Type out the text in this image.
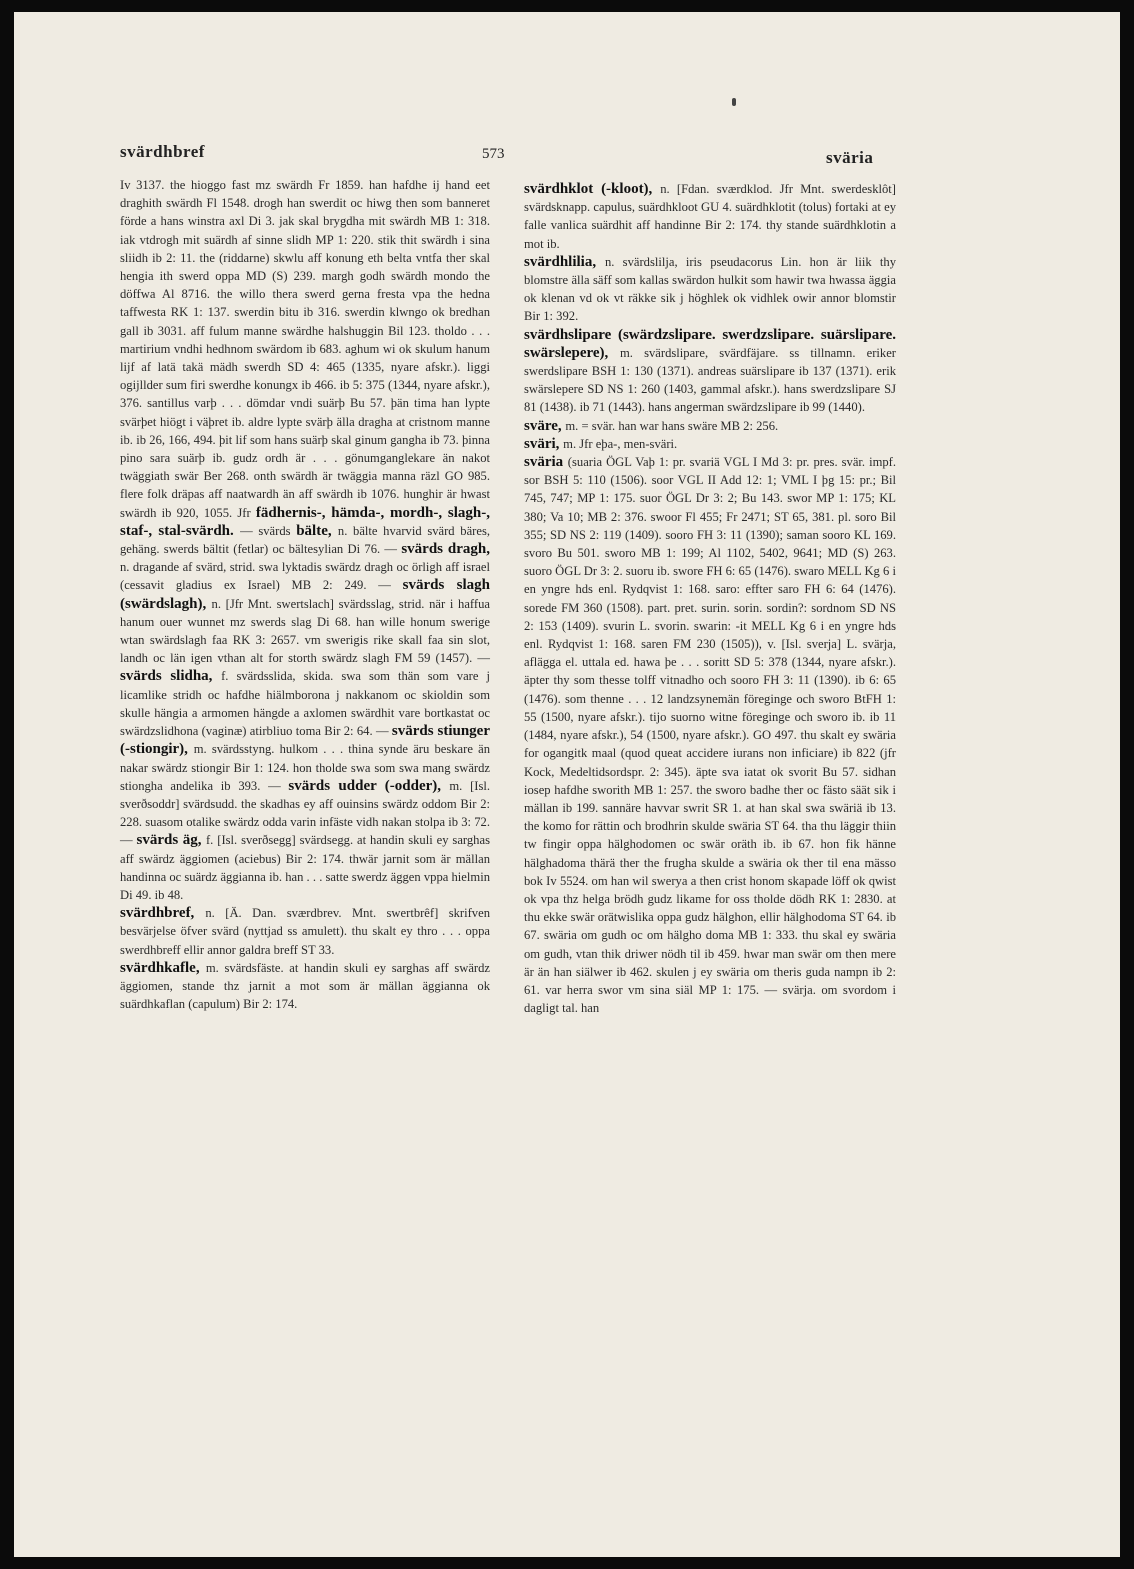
svärdhbref	573	sväria

Iv 3137. the hioggo fast mz swärdh Fr 1859. han hafdhe ij hand eet draghith swärdh Fl 1548. drogh han swerdit oc hiwg then som banneret förde a hans winstra axl Di 3. jak skal brygdha mit swärdh MB 1: 318. iak vtdrogh mit suärdh af sinne slidh MP 1: 220. stik thit swärdh i sina sliidh ib 2: 11. the (riddarne) skwlu aff konung eth belta vntfa ther skal hengia ith swerd oppa MD (S) 239. margh godh swärdh mondo the döffwa Al 8716. the willo thera swerd gerna fresta vpa the hedna taffwesta RK 1: 137. swerdin bitu ib 316. swerdin klwngo ok bredhan gall ib 3031. aff fulum manne swärdhe halshuggin Bil 123. tholdo . . . martirium vndhi hedhnom swärdom ib 683. aghum wi ok skulum hanum lijf af latä takä mädh swerdh SD 4: 465 (1335, nyare afskr.). liggi ogijllder sum firi swerdhe konungx ib 466. ib 5: 375 (1344, nyare afskr.), 376. santillus varþ . . . dömdar vndi suärþ Bu 57. þän tima han lypte svärþet hiögt i väþret ib. aldre lypte svärþ älla dragha at cristnom manne ib. ib 26, 166, 494. þit lif som hans suärþ skal ginum gangha ib 73. þinna pino sara suärþ ib. gudz ordh är . . . gönumganglekare än nakot twäggiath swär Ber 268. onth swärdh är twäggia manna räzl GO 985. flere folk dräpas aff naatwardh än aff swärdh ib 1076. hunghir är hwast swärdh ib 920, 1055. Jfr fädhernis-, hämda-, mordh-, slagh-, staf-, stal-svärdh. — svärds bälte, n. bälte hvarvid svärd bäres, gehäng. swerds bältit (fetlar) oc bältesylian Di 76. — svärds dragh, n. dragande af svärd, strid. swa lyktadis swärdz dragh oc örligh aff israel (cessavit gladius ex Israel) MB 2: 249. — svärds slagh (swärdslagh), n. [Jfr Mnt. swertslach] svärdsslag, strid. när i haffua hanum ouer wunnet mz swerds slag Di 68. han wille honum swerige wtan swärdslagh faa RK 3: 2657. vm swerigis rike skall faa sin slot, landh oc län igen vthan alt for storth swärdz slagh FM 59 (1457). — svärds slidha, f. svärdsslida, skida. swa som thän som vare j licamlike stridh oc hafdhe hiälmborona j nakkanom oc skioldin som skulle hängia a armomen hängde a axlomen swärdhit vare bortkastat oc swärdzslidhona (vaginæ) atirbliuo toma Bir 2: 64. — svärds stiunger (-stiongir), m. svärdsstyng. hulkom . . . thina synde äru beskare än nakar swärdz stiongir Bir 1: 124. hon tholde swa som swa mang swärdz stiongha andelika ib 393. — svärds udder (-odder), m. [Isl. sverðsoddr] svärdsudd. the skadhas ey aff ouinsins swärdz oddom Bir 2: 228. suasom otalike swärdz odda varin infäste vidh nakan stolpa ib 3: 72. — svärds äg, f. [Isl. sverðsegg] svärdsegg. at handin skuli ey sarghas aff swärdz äggiomen (aciebus) Bir 2: 174. thwär jarnit som är mällan handinna oc suärdz äggianna ib. han . . . satte swerdz äggen vppa hielmin Di 49. ib 48.

svärdhbref, n. [Ä. Dan. sværdbrev. Mnt. swertbrêf] skrifven besvärjelse öfver svärd (nyttjad ss amulett). thu skalt ey thro . . . oppa swerdhbreff ellir annor galdra breff ST 33.

svärdhkafle, m. svärdsfäste. at handin skuli ey sarghas aff swärdz äggiomen, stande thz jarnit a mot som är mällan äggianna ok suärdhkaflan (capulum) Bir 2: 174.

svärdhklot (-kloot), n. [Fdan. sværdklod. Jfr Mnt. swerdesklôt] svärdsknapp. capulus, suärdhkloot GU 4. suärdhklotit (tolus) fortaki at ey falle vanlica suärdhit aff handinne Bir 2: 174. thy stande suärdhklotin a mot ib.

svärdhlilia, n. svärdslilja, iris pseudacorus Lin. hon är liik thy blomstre älla säff som kallas swärdon hulkit som hawir twa hwassa äggia ok klenan vd ok vt räkke sik j höghlek ok vidhlek owir annor blomstir Bir 1: 392.

svärdhslipare (swärdzslipare. swerdzslipare. suärslipare. swärslepere), m. svärdslipare, svärdfäjare. ss tillnamn. eriker swerdslipare BSH 1: 130 (1371). andreas suärslipare ib 137 (1371). erik swärslepere SD NS 1: 260 (1403, gammal afskr.). hans swerdzslipare SJ 81 (1438). ib 71 (1443). hans angerman swärdzslipare ib 99 (1440).

sväre, m. = svär. han war hans swäre MB 2: 256.

sväri, m. Jfr eþa-, men-sväri.

sväria (suaria ÖGL Vaþ 1: pr. svariä VGL I Md 3: pr. pres. svär. impf. sor BSH 5: 110 (1506). soor VGL II Add 12: 1; VML I þg 15: pr.; Bil 745, 747; MP 1: 175. suor ÖGL Dr 3: 2; Bu 143. swor MP 1: 175; KL 380; Va 10; MB 2: 376. swoor Fl 455; Fr 2471; ST 65, 381. pl. soro Bil 355; SD NS 2: 119 (1409). sooro FH 3: 11 (1390); saman sooro KL 169. svoro Bu 501. sworo MB 1: 199; Al 1102, 5402, 9641; MD (S) 263. suoro ÖGL Dr 3: 2. suoru ib. swore FH 6: 65 (1476). swaro MELL Kg 6 i en yngre hds enl. Rydqvist 1: 168. saro: effter saro FH 6: 64 (1476). sorede FM 360 (1508). part. pret. surin. sorin. sordin?: sordnom SD NS 2: 153 (1409). svurin L. svorin. swarin: -it MELL Kg 6 i en yngre hds enl. Rydqvist 1: 168. saren FM 230 (1505)), v. [Isl. sverja] L. svärja, aflägga el. uttala ed. hawa þe . . . soritt SD 5: 378 (1344, nyare afskr.). äpter thy som thesse tolff vitnadho och sooro FH 3: 11 (1390). ib 6: 65 (1476). som thenne . . . 12 landzsynemän föreginge och sworo BtFH 1: 55 (1500, nyare afskr.). tijo suorno witne föreginge och sworo ib. ib 11 (1484, nyare afskr.), 54 (1500, nyare afskr.). GO 497. thu skalt ey swäria for ogangitk maal (quod queat accidere iurans non inficiare) ib 822 (jfr Kock, Medeltidsordspr. 2: 345). äpte sva iatat ok svorit Bu 57. sidhan iosep hafdhe sworith MB 1: 257. the sworo badhe ther oc fästo säät sik i mällan ib 199. sannäre havvar swrit SR 1. at han skal swa swäriä ib 13. the komo for rättin och brodhrin skulde swäria ST 64. tha thu läggir thiin tw fingir oppa hälghodomen oc swär oräth ib. ib 67. hon fik hänne hälghadoma thärä ther the frugha skulde a swäria ok ther til ena mässo bok Iv 5524. om han wil swerya a then crist honom skapade löff ok qwist ok vpa thz helga brödh gudz likame for oss tholde dödh RK 1: 2830. at thu ekke swär orätwislika oppa gudz hälghon, ellir hälghodoma ST 64. ib 67. swäria om gudh oc om hälgho doma MB 1: 333. thu skal ey swäria om gudh, vtan thik driwer nödh til ib 459. hwar man swär om then mere är än han siälwer ib 462. skulen j ey swäria om theris guda nampn ib 2: 61. var herra swor vm sina siäl MP 1: 175. — svärja. om svordom i dagligt tal. han
